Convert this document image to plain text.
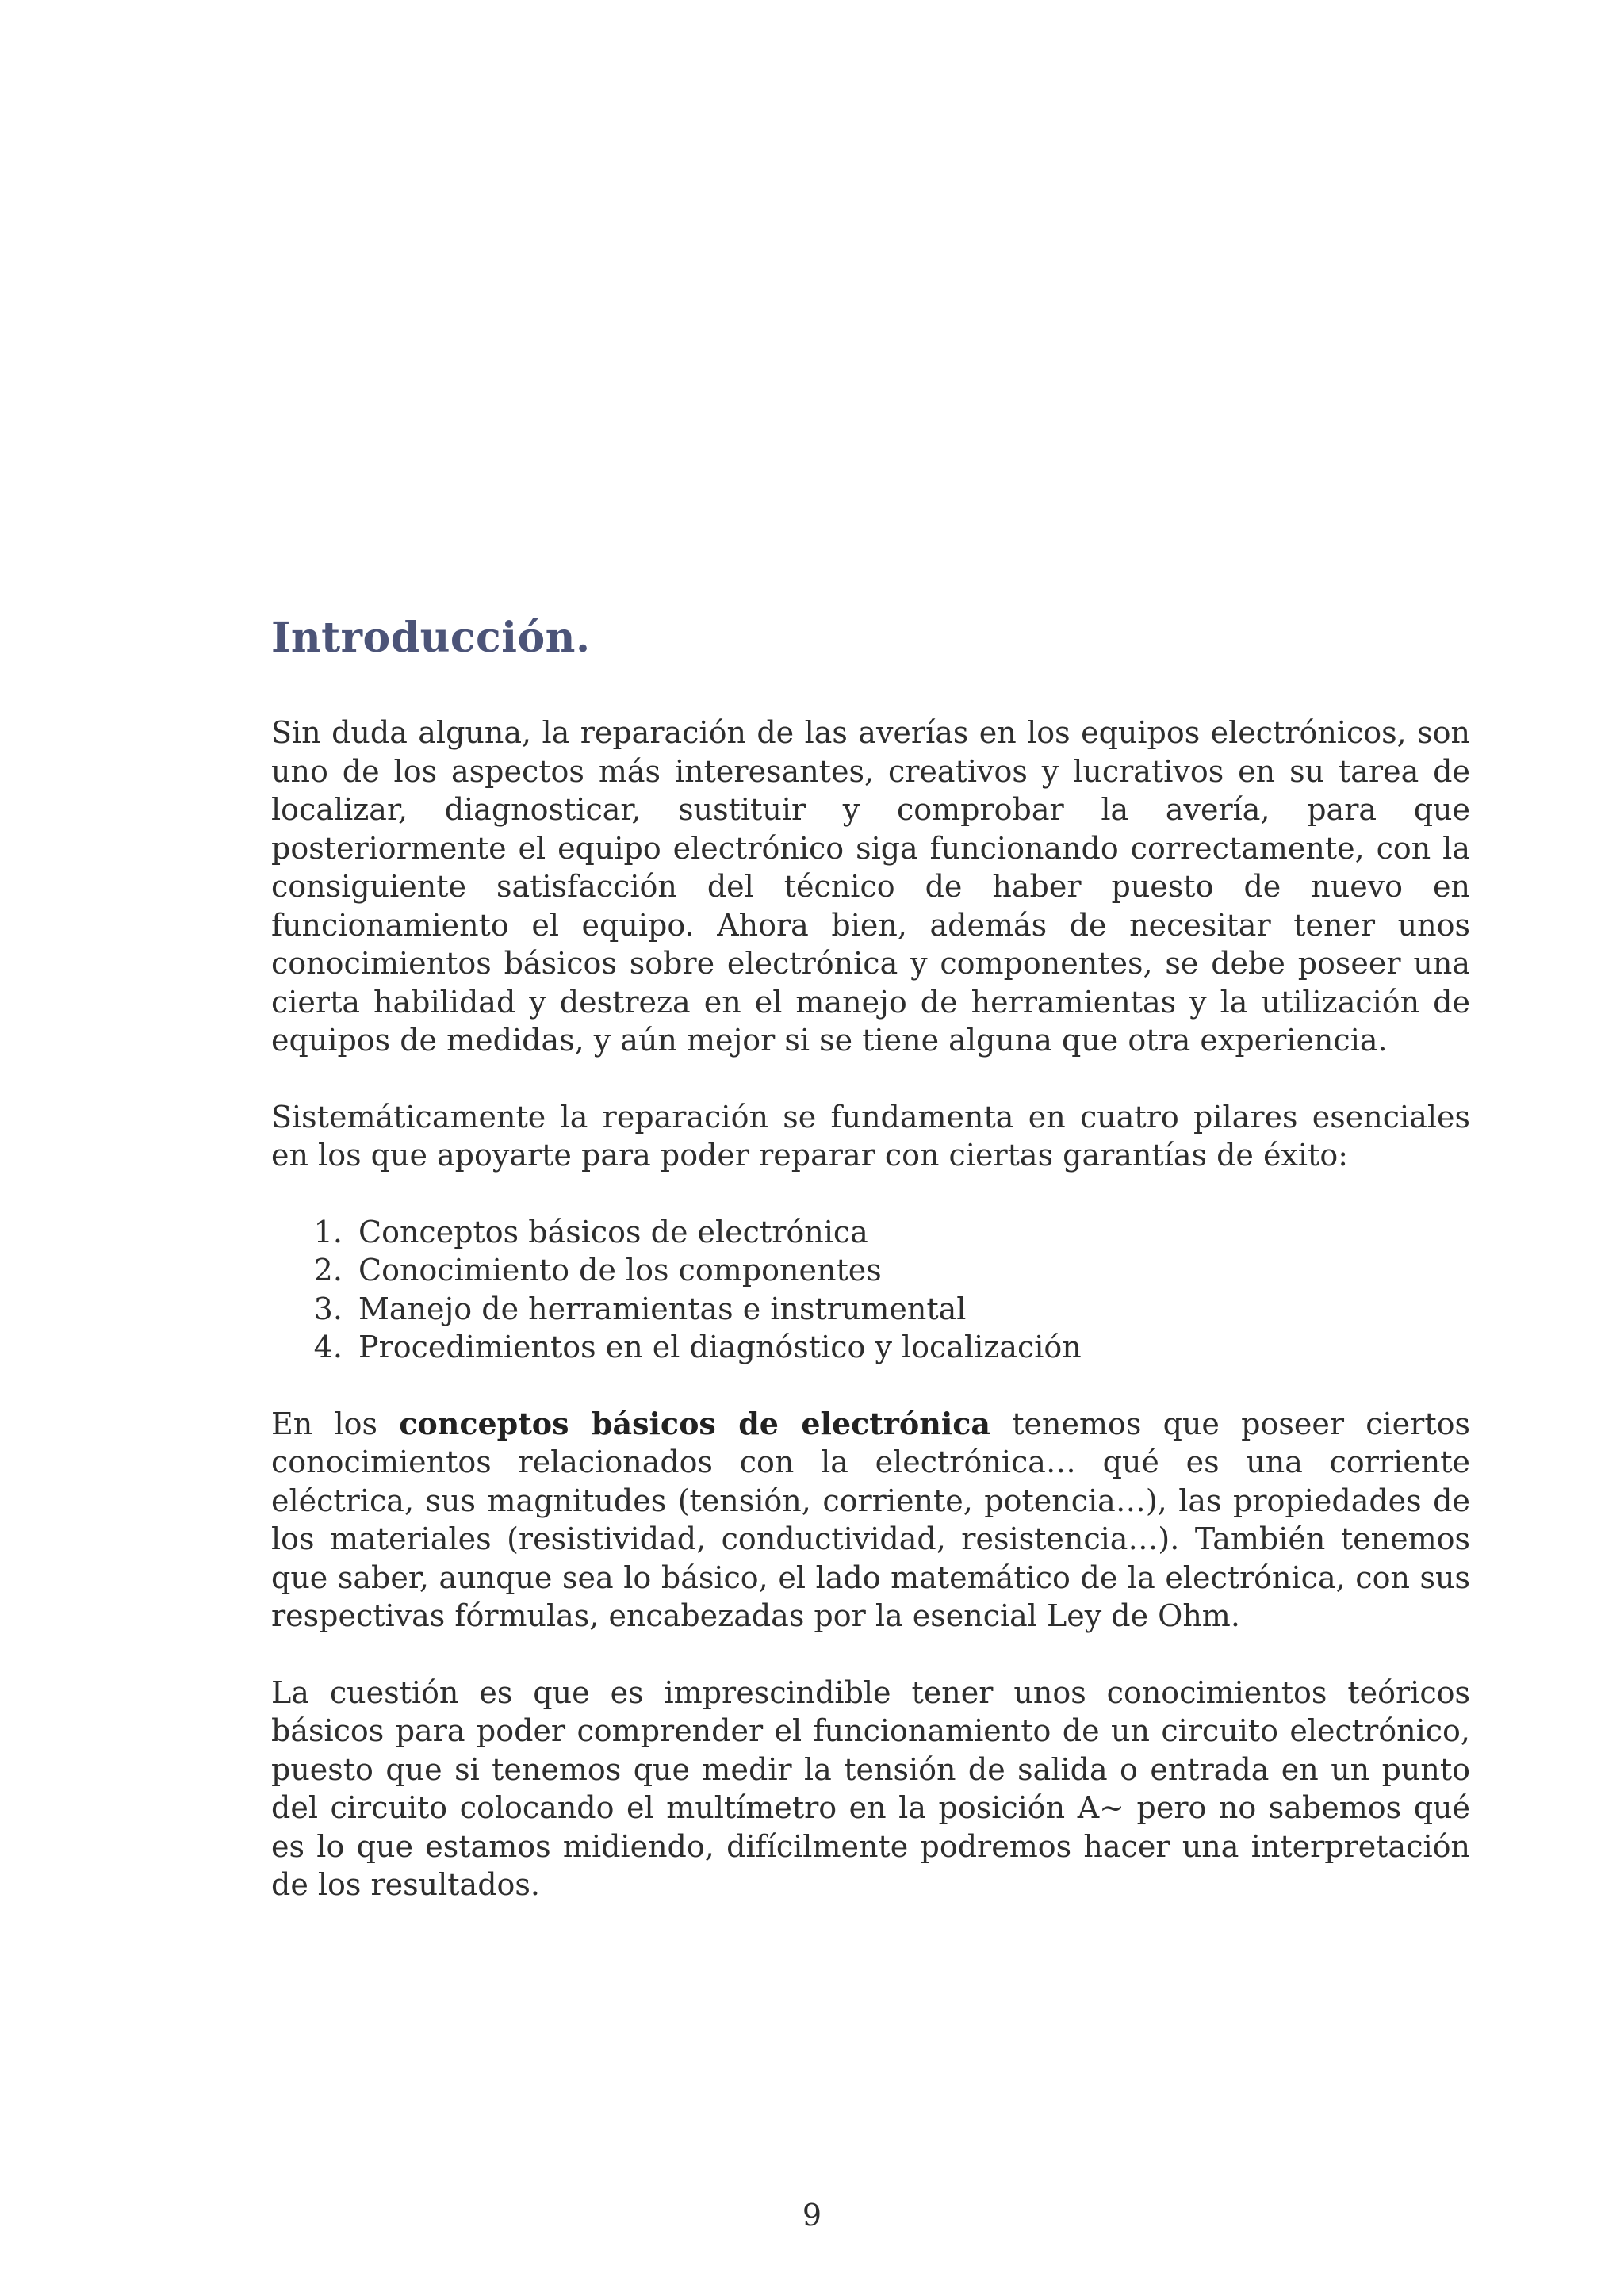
Introducción.

Sin duda alguna, la reparación de las averías en los equipos electrónicos, son uno de los aspectos más interesantes, creativos y lucrativos en su tarea de localizar, diagnosticar, sustituir y comprobar la avería, para que posteriormente el equipo electrónico siga funcionando correctamente, con la consiguiente satisfacción del técnico de haber puesto de nuevo en funcionamiento el equipo. Ahora bien, además de necesitar tener unos conocimientos básicos sobre electrónica y componentes, se debe poseer una cierta habilidad y destreza en el manejo de herramientas y la utilización de equipos de medidas, y aún mejor si se tiene alguna que otra experiencia.

Sistemáticamente la reparación se fundamenta en cuatro pilares esenciales en los que apoyarte para poder reparar con ciertas garantías de éxito:

1. Conceptos básicos de electrónica
2. Conocimiento de los componentes
3. Manejo de herramientas e instrumental
4. Procedimientos en el diagnóstico y localización

En los conceptos básicos de electrónica tenemos que poseer ciertos conocimientos relacionados con la electrónica… qué es una corriente eléctrica, sus magnitudes (tensión, corriente, potencia…), las propiedades de los materiales (resistividad, conductividad, resistencia…). También tenemos que saber, aunque sea lo básico, el lado matemático de la electrónica, con sus respectivas fórmulas, encabezadas por la esencial Ley de Ohm.

La cuestión es que es imprescindible tener unos conocimientos teóricos básicos para poder comprender el funcionamiento de un circuito electrónico, puesto que si tenemos que medir la tensión de salida o entrada en un punto del circuito colocando el multímetro en la posición A~ pero no sabemos qué es lo que estamos midiendo, difícilmente podremos hacer una interpretación de los resultados.

9
